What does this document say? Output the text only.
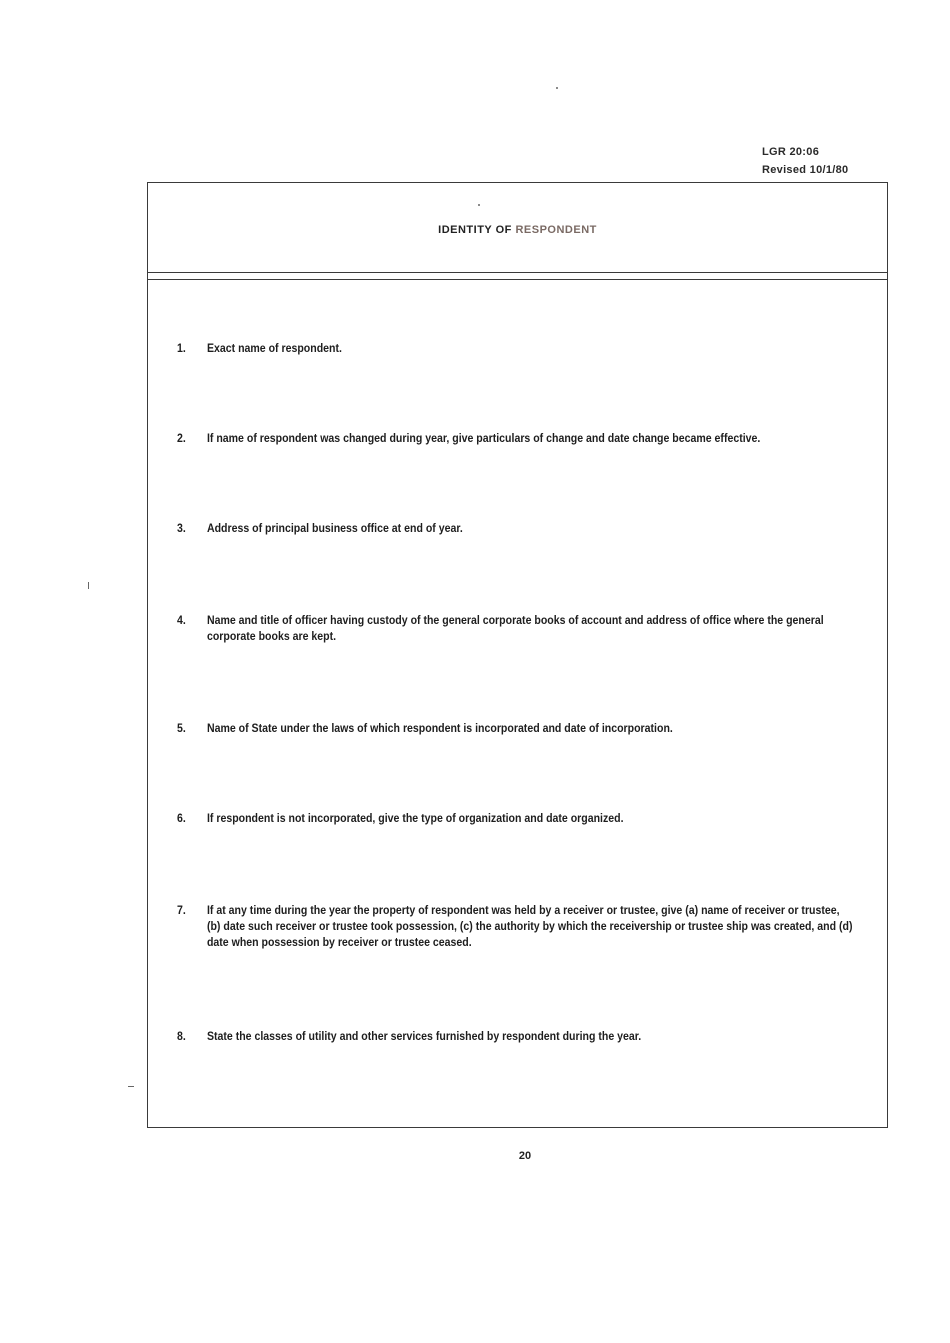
LGR 20:06
Revised 10/1/80
IDENTITY OF RESPONDENT
1.	Exact name of respondent.
2.	If name of respondent was changed during year, give particulars of change and date change became effective.
3.	Address of principal business office at end of year.
4.	Name and title of officer having custody of the general corporate books of account and address of office where the general corporate books are kept.
5.	Name of State under the laws of which respondent is incorporated and date of incorporation.
6.	If respondent is not incorporated, give the type of organization and date organized.
7.	If at any time during the year the property of respondent was held by a receiver or trustee, give (a) name of receiver or trustee, (b) date such receiver or trustee took possession, (c) the authority by which the receivership or trustee ship was created, and (d) date when possession by receiver or trustee ceased.
8.	State the classes of utility and other services furnished by respondent during the year.
20
